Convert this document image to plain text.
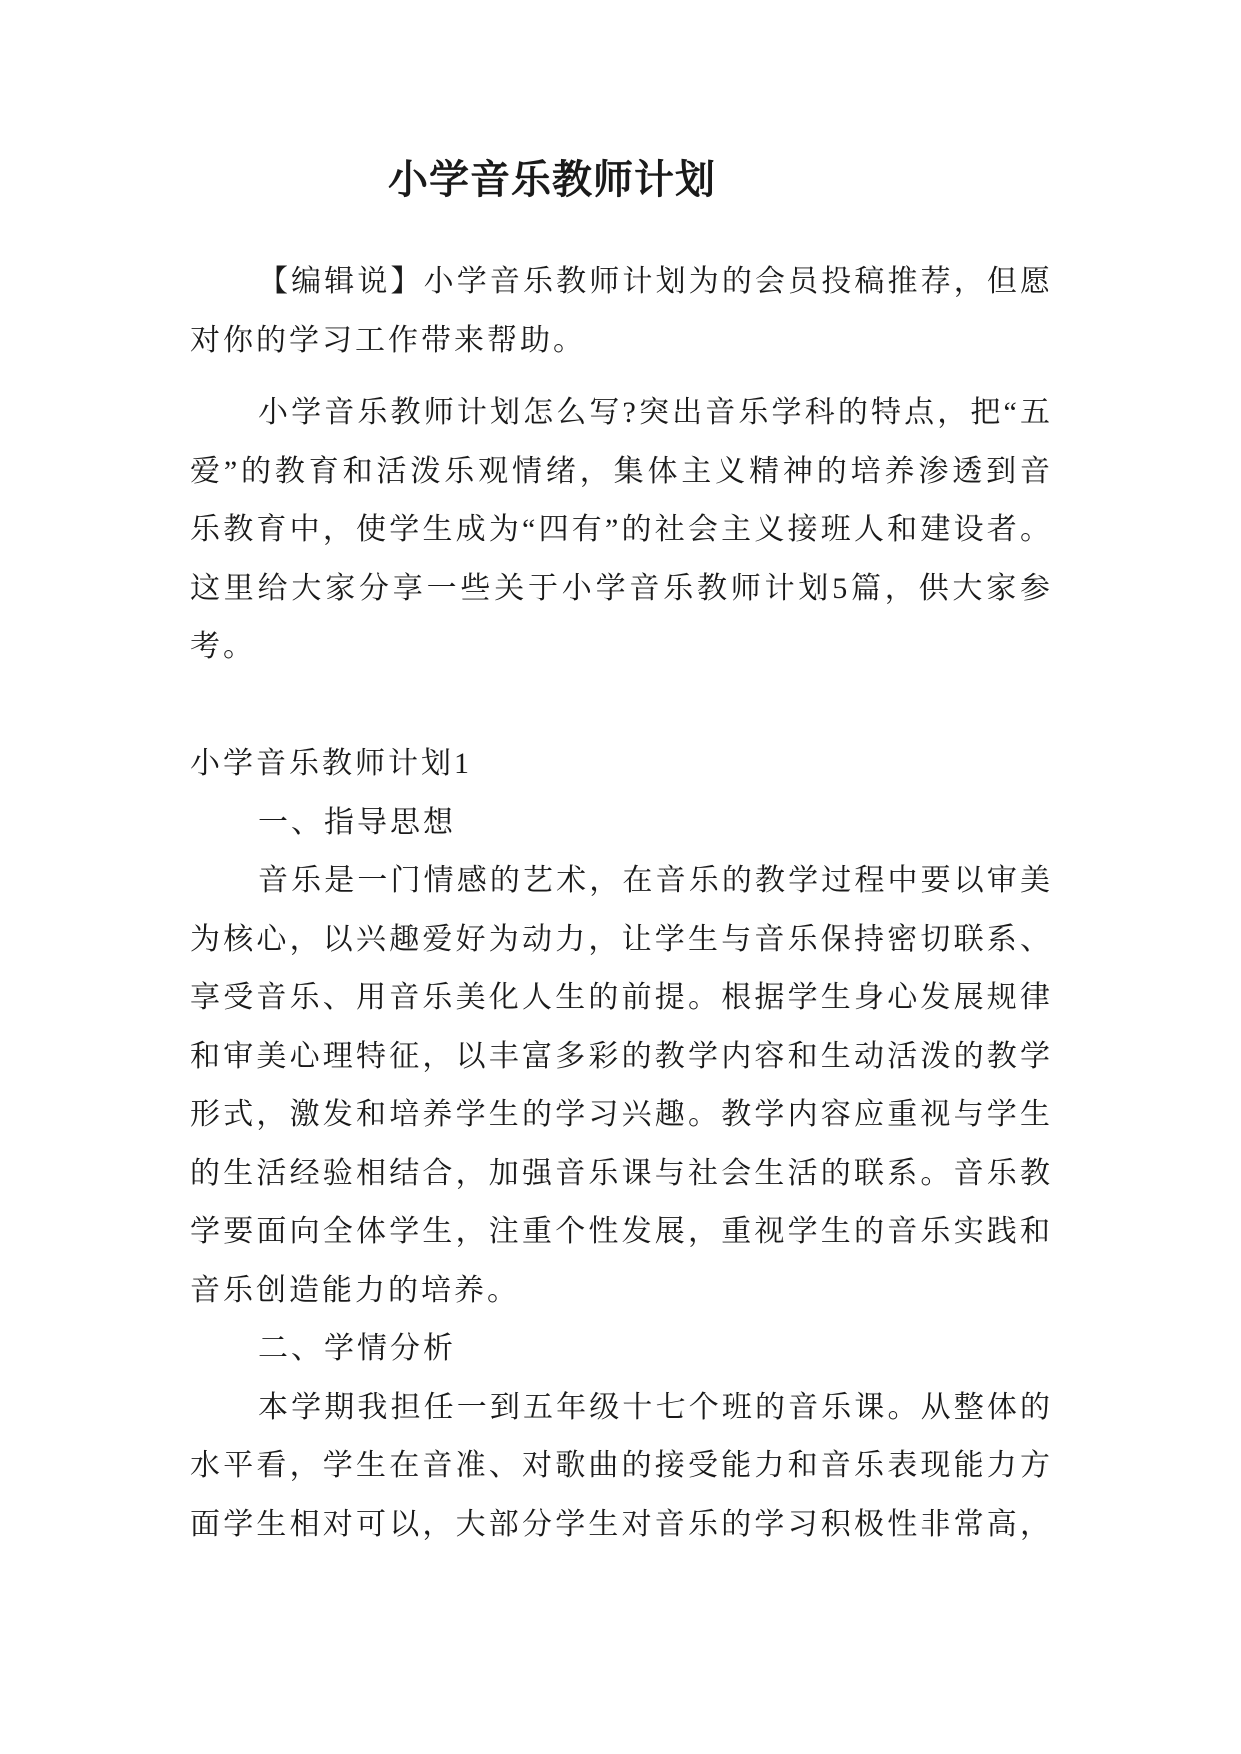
小学音乐教师计划
【编辑说】小学音乐教师计划为的会员投稿推荐，但愿
对你的学习工作带来帮助。
小学音乐教师计划怎么写?突出音乐学科的特点，把“五
爱”的教育和活泼乐观情绪，集体主义精神的培养渗透到音
乐教育中，使学生成为“四有”的社会主义接班人和建设者。
这里给大家分享一些关于小学音乐教师计划5篇，供大家参
考。
小学音乐教师计划1
一、指导思想
音乐是一门情感的艺术，在音乐的教学过程中要以审美
为核心，以兴趣爱好为动力，让学生与音乐保持密切联系、
享受音乐、用音乐美化人生的前提。根据学生身心发展规律
和审美心理特征，以丰富多彩的教学内容和生动活泼的教学
形式，激发和培养学生的学习兴趣。教学内容应重视与学生
的生活经验相结合，加强音乐课与社会生活的联系。音乐教
学要面向全体学生，注重个性发展，重视学生的音乐实践和
音乐创造能力的培养。
二、学情分析
本学期我担任一到五年级十七个班的音乐课。从整体的
水平看，学生在音准、对歌曲的接受能力和音乐表现能力方
面学生相对可以，大部分学生对音乐的学习积极性非常高，
